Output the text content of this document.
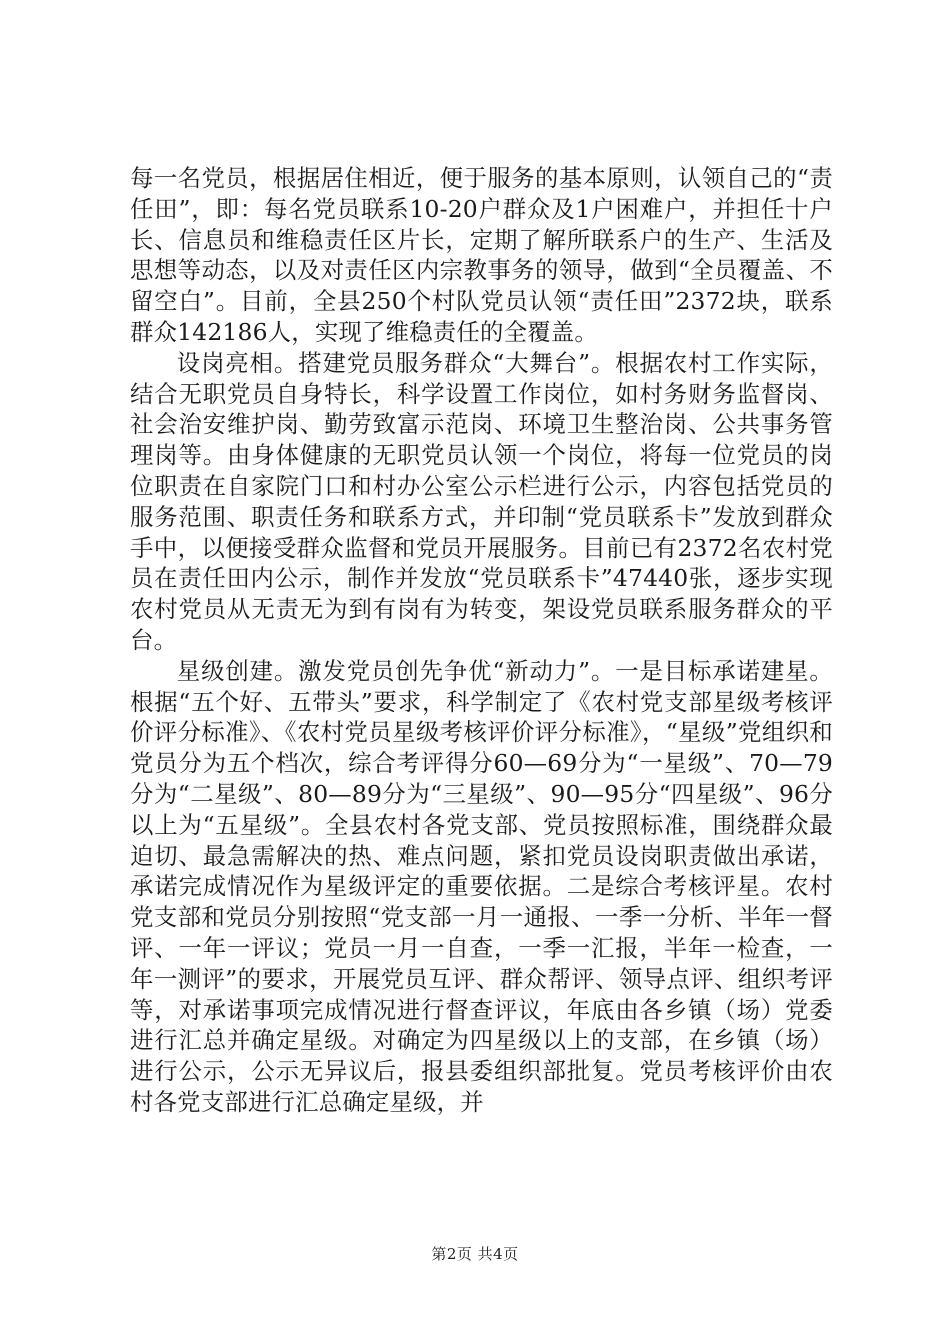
每一名党员，根据居住相近，便于服务的基本原则，认领自己的“责任田”，即：每名党员联系10-20户群众及1户困难户，并担任十户长、信息员和维稳责任区片长，定期了解所联系户的生产、生活及思想等动态，以及对责任区内宗教事务的领导，做到“全员覆盖、不留空白”。目前，全县250个村队党员认领“责任田”2372块，联系群众142186人，实现了维稳责任的全覆盖。

设岗亮相。搭建党员服务群众“大舞台”。根据农村工作实际，结合无职党员自身特长，科学设置工作岗位，如村务财务监督岗、社会治安维护岗、勤劳致富示范岗、环境卫生整治岗、公共事务管理岗等。由身体健康的无职党员认领一个岗位，将每一位党员的岗位职责在自家院门口和村办公室公示栏进行公示，内容包括党员的服务范围、职责任务和联系方式，并印制“党员联系卡”发放到群众手中，以便接受群众监督和党员开展服务。目前已有2372名农村党员在责任田内公示，制作并发放“党员联系卡”47440张，逐步实现农村党员从无责无为到有岗有为转变，架设党员联系服务群众的平台。

星级创建。激发党员创先争优“新动力”。一是目标承诺建星。根据“五个好、五带头”要求，科学制定了《农村党支部星级考核评价评分标准》、《农村党员星级考核评价评分标准》，“星级”党组织和党员分为五个档次，综合考评得分60—69分为“一星级”、70—79分为“二星级”、80—89分为“三星级”、90—95分“四星级”、96分以上为“五星级”。全县农村各党支部、党员按照标准，围绕群众最迫切、最急需解决的热、难点问题，紧扣党员设岗职责做出承诺，承诺完成情况作为星级评定的重要依据。二是综合考核评星。农村党支部和党员分别按照“党支部一月一通报、一季一分析、半年一督评、一年一评议；党员一月一自查，一季一汇报，半年一检查，一年一测评”的要求，开展党员互评、群众帮评、领导点评、组织考评等，对承诺事项完成情况进行督查评议，年底由各乡镇（场）党委进行汇总并确定星级。对确定为四星级以上的支部，在乡镇（场）进行公示，公示无异议后，报县委组织部批复。党员考核评价由农村各党支部进行汇总确定星级，并

第2页 共4页
